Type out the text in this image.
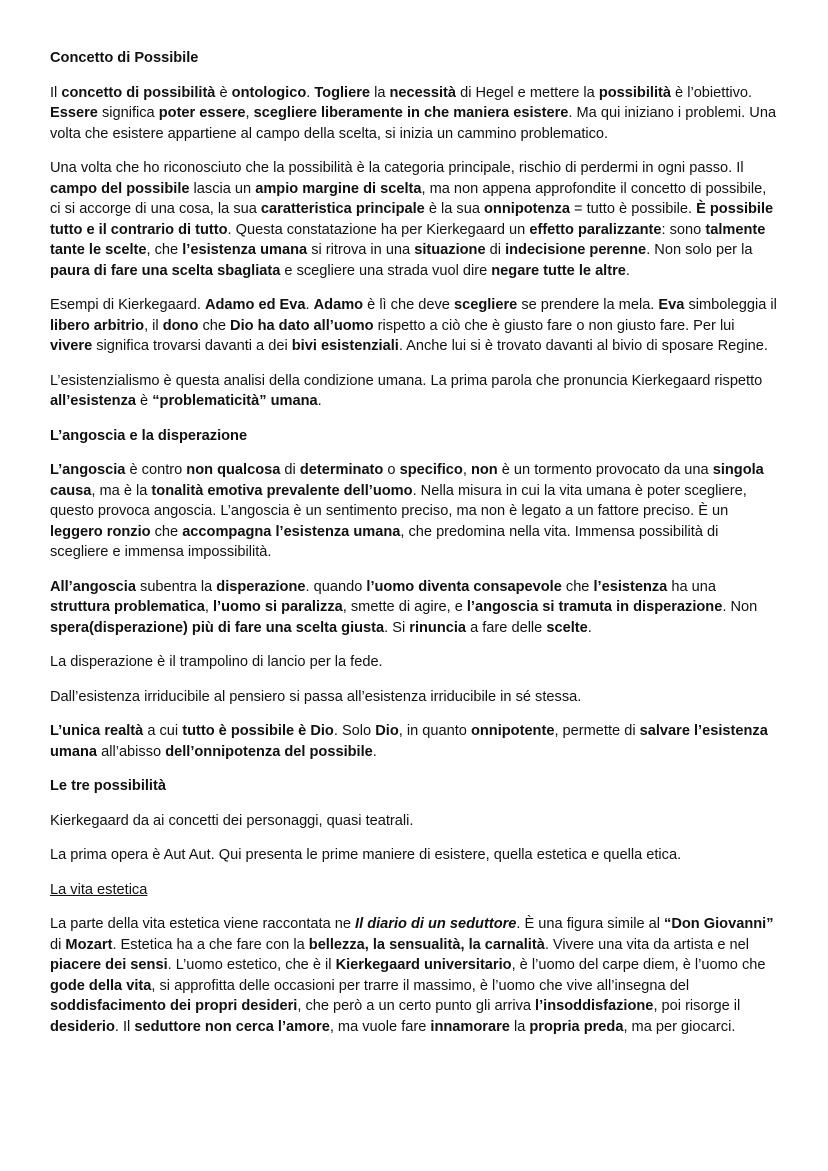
Concetto di Possibile
Il concetto di possibilità è ontologico. Togliere la necessità di Hegel e mettere la possibilità è l’obiettivo. Essere significa poter essere, scegliere liberamente in che maniera esistere. Ma qui iniziano i problemi. Una volta che esistere appartiene al campo della scelta, si inizia un cammino problematico.
Una volta che ho riconosciuto che la possibilità è la categoria principale, rischio di perdermi in ogni passo. Il campo del possibile lascia un ampio margine di scelta, ma non appena approfondite il concetto di possibile, ci si accorge di una cosa, la sua caratteristica principale è la sua onnipotenza = tutto è possibile. È possibile tutto e il contrario di tutto. Questa constatazione ha per Kierkegaard un effetto paralizzante: sono talmente tante le scelte, che l’esistenza umana si ritrova in una situazione di indecisione perenne. Non solo per la paura di fare una scelta sbagliata e scegliere una strada vuol dire negare tutte le altre.
Esempi di Kierkegaard. Adamo ed Eva. Adamo è lì che deve scegliere se prendere la mela. Eva simboleggia il libero arbitrio, il dono che Dio ha dato all’uomo rispetto a ciò che è giusto fare o non giusto fare. Per lui vivere significa trovarsi davanti a dei bivi esistenziali. Anche lui si è trovato davanti al bivio di sposare Regine.
L’esistenzialismo è questa analisi della condizione umana. La prima parola che pronuncia Kierkegaard rispetto all’esistenza è “problematicità” umana.
L’angoscia e la disperazione
L’angoscia è contro non qualcosa di determinato o specifico, non è un tormento provocato da una singola causa, ma è la tonalità emotiva prevalente dell’uomo. Nella misura in cui la vita umana è poter scegliere, questo provoca angoscia. L’angoscia è un sentimento preciso, ma non è legato a un fattore preciso. È un leggero ronzio che accompagna l’esistenza umana, che predomina nella vita. Immensa possibilità di scegliere e immensa impossibilità.
All’angoscia subentra la disperazione. quando l’uomo diventa consapevole che l’esistenza ha una struttura problematica, l’uomo si paralizza, smette di agire, e l’angoscia si tramuta in disperazione. Non spera(disperazione) più di fare una scelta giusta. Si rinuncia a fare delle scelte.
La disperazione è il trampolino di lancio per la fede.
Dall’esistenza irriducibile al pensiero si passa all’esistenza irriducibile in sé stessa.
L’unica realtà a cui tutto è possibile è Dio. Solo Dio, in quanto onnipotente, permette di salvare l’esistenza umana all’abisso dell’onnipotenza del possibile.
Le tre possibilità
Kierkegaard da ai concetti dei personaggi, quasi teatrali.
La prima opera è Aut Aut. Qui presenta le prime maniere di esistere, quella estetica e quella etica.
La vita estetica
La parte della vita estetica viene raccontata ne Il diario di un seduttore. È una figura simile al “Don Giovanni” di Mozart. Estetica ha a che fare con la bellezza, la sensualità, la carnalità. Vivere una vita da artista e nel piacere dei sensi. L’uomo estetico, che è il Kierkegaard universitario, è l’uomo del carpe diem, è l’uomo che gode della vita, si approfitta delle occasioni per trarre il massimo, è l’uomo che vive all’insegna del soddisfacimento dei propri desideri, che però a un certo punto gli arriva l’insoddisfazione, poi risorge il desiderio. Il seduttore non cerca l’amore, ma vuole fare innamorare la propria preda, ma per giocarci.
